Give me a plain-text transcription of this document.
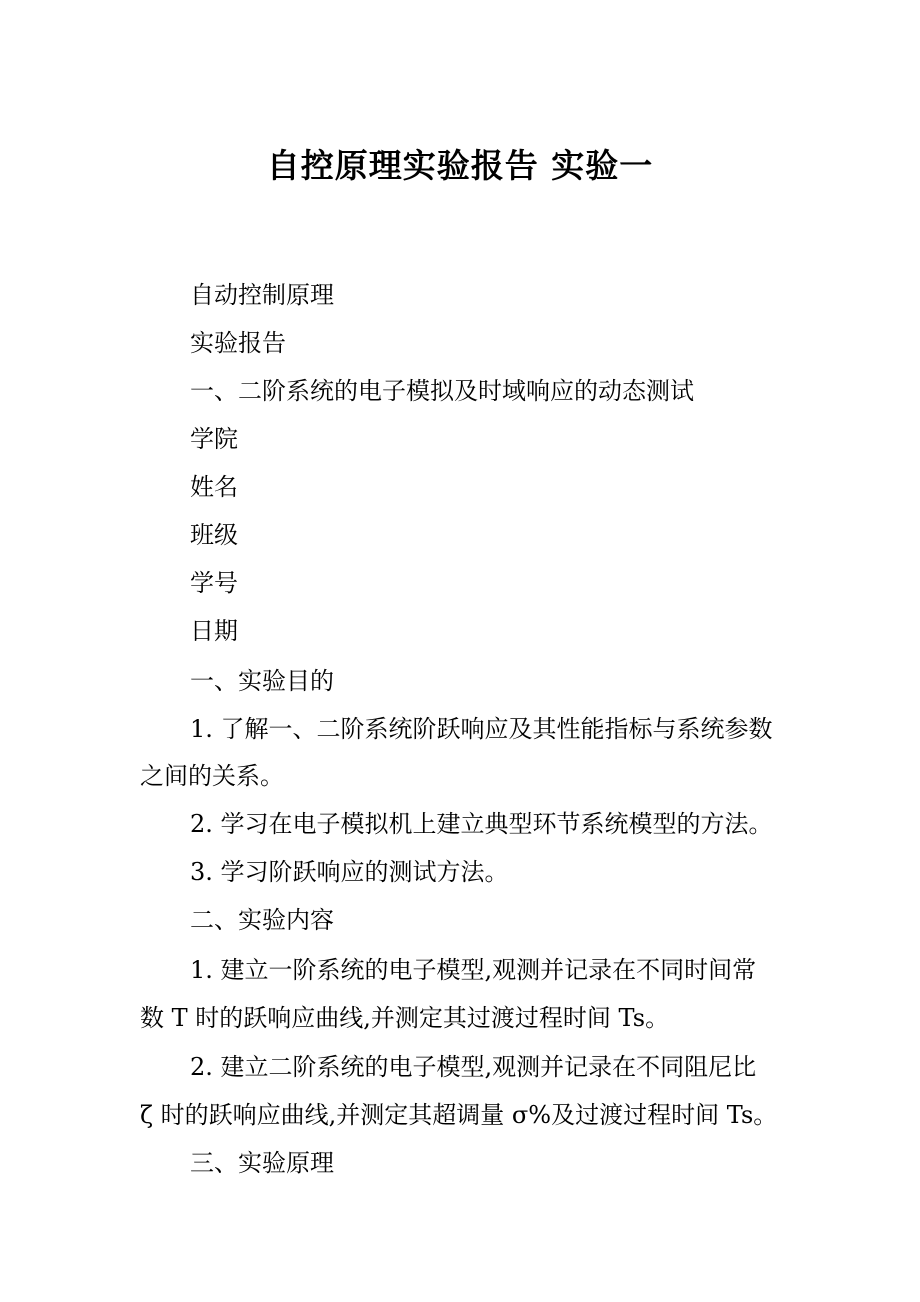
自控原理实验报告 实验一
自动控制原理
实验报告
一、二阶系统的电子模拟及时域响应的动态测试
学院
姓名
班级
学号
日期
一、实验目的
1. 了解一、二阶系统阶跃响应及其性能指标与系统参数
之间的关系。
2. 学习在电子模拟机上建立典型环节系统模型的方法。
3. 学习阶跃响应的测试方法。
二、实验内容
1. 建立一阶系统的电子模型,观测并记录在不同时间常
数 T 时的跃响应曲线,并测定其过渡过程时间 Ts。
2. 建立二阶系统的电子模型,观测并记录在不同阻尼比
ζ 时的跃响应曲线,并测定其超调量 σ%及过渡过程时间 Ts。
三、实验原理
